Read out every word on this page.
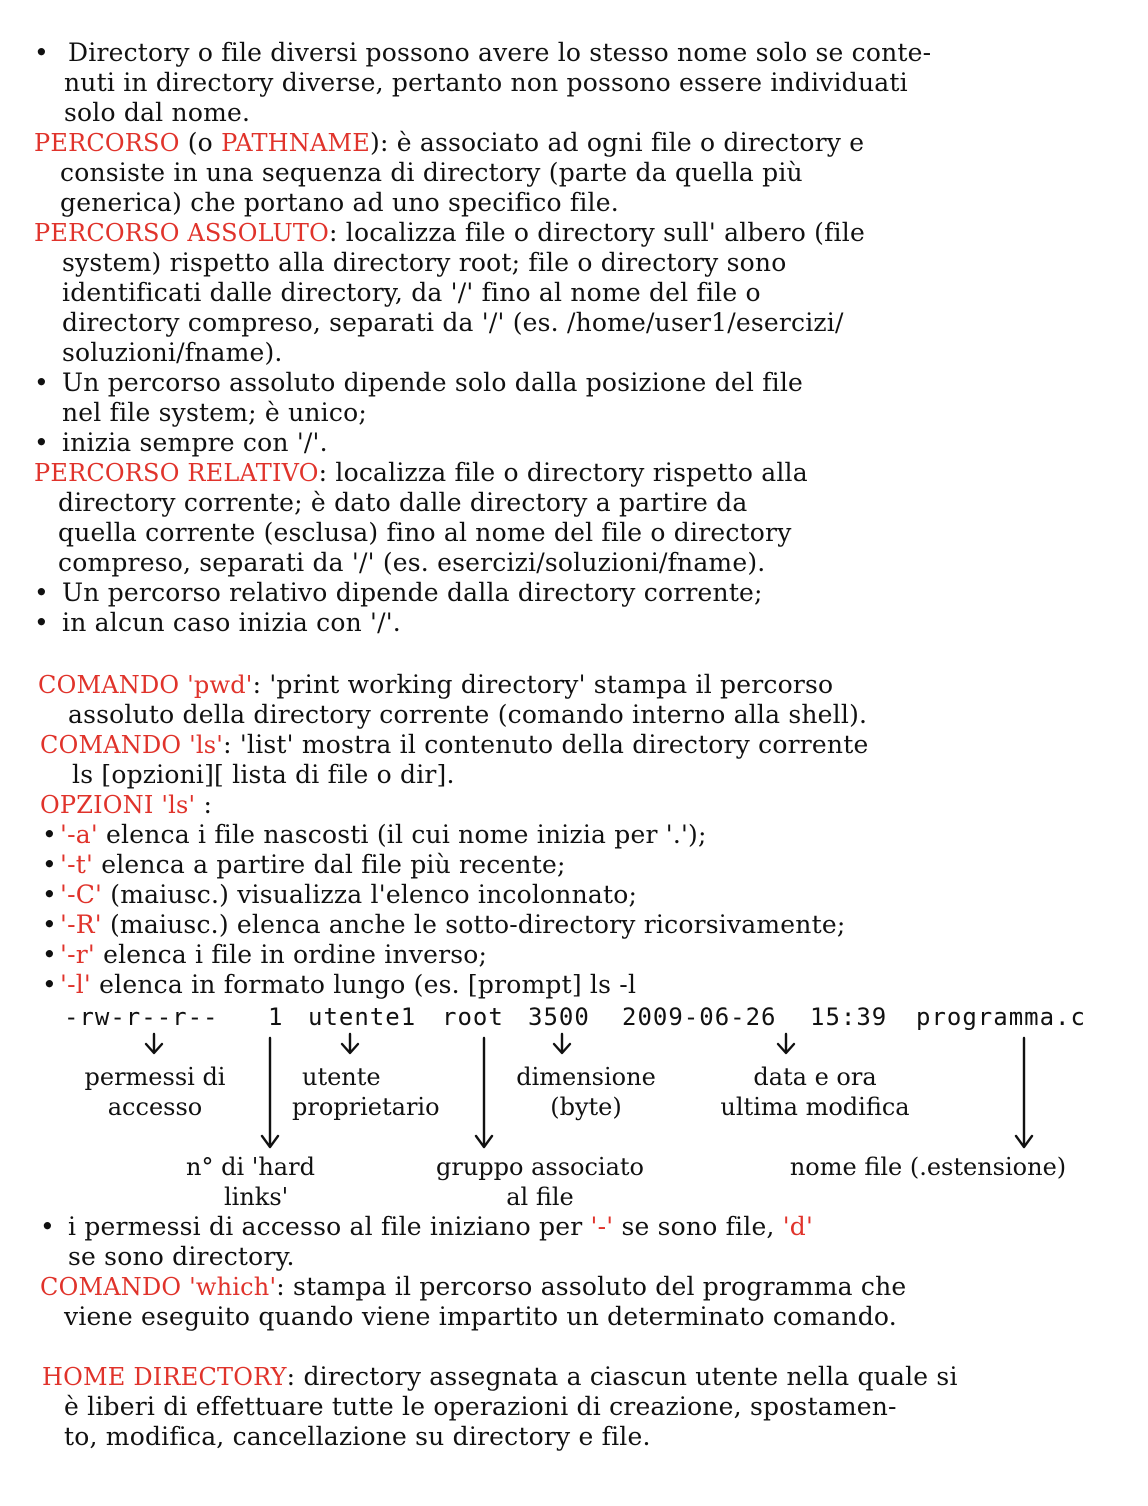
• Directory o file diversi possono avere lo stesso nome solo se conte-
nuti in directory diverse, pertanto non possono essere individuati
solo dal nome.
PERCORSO (o PATHNAME): è associato ad ogni file o directory e
consiste in una sequenza di directory (parte da quella più
generica) che portano ad uno specifico file.
PERCORSO ASSOLUTO: localizza file o directory sull' albero (file
system) rispetto alla directory root; file o directory sono
identificati dalle directory, da '/' fino al nome del file o
directory compreso, separati da '/' (es. /home/user1/esercizi/
soluzioni/fname).
• Un percorso assoluto dipende solo dalla posizione del file
nel file system; è unico;
• inizia sempre con '/'.
PERCORSO RELATIVO: localizza file o directory rispetto alla
directory corrente; è dato dalle directory a partire da
quella corrente (esclusa) fino al nome del file o directory
compreso, separati da '/' (es. esercizi/soluzioni/fname).
• Un percorso relativo dipende dalla directory corrente;
• in alcun caso inizia con '/'.
COMANDO 'pwd': 'print working directory' stampa il percorso
assoluto della directory corrente (comando interno alla shell).
COMANDO 'ls': 'list' mostra il contenuto della directory corrente
ls [opzioni][ lista di file o dir].
OPZIONI 'ls' :
• '-a' elenca i file nascosti (il cui nome inizia per '.');
• '-t' elenca a partire dal file più recente;
• '-C' (maiusc.) visualizza l'elenco incolonnato;
• '-R' (maiusc.) elenca anche le sotto-directory ricorsivamente;
• '-r' elenca i file in ordine inverso;
• '-l' elenca in formato lungo (es. [prompt] ls -l
-rw-r--r-- 1 utente1 root 3500 2009-06-26 15:39 programma.c
permessi di
accesso
utente
proprietario
dimensione
(byte)
data e ora
ultima modifica
n° di 'hard
links'
gruppo associato
al file
nome file (.estensione)
• i permessi di accesso al file iniziano per '-' se sono file, 'd'
se sono directory.
COMANDO 'which': stampa il percorso assoluto del programma che
viene eseguito quando viene impartito un determinato comando.
HOME DIRECTORY: directory assegnata a ciascun utente nella quale si
è liberi di effettuare tutte le operazioni di creazione, spostamen-
to, modifica, cancellazione su directory e file.
